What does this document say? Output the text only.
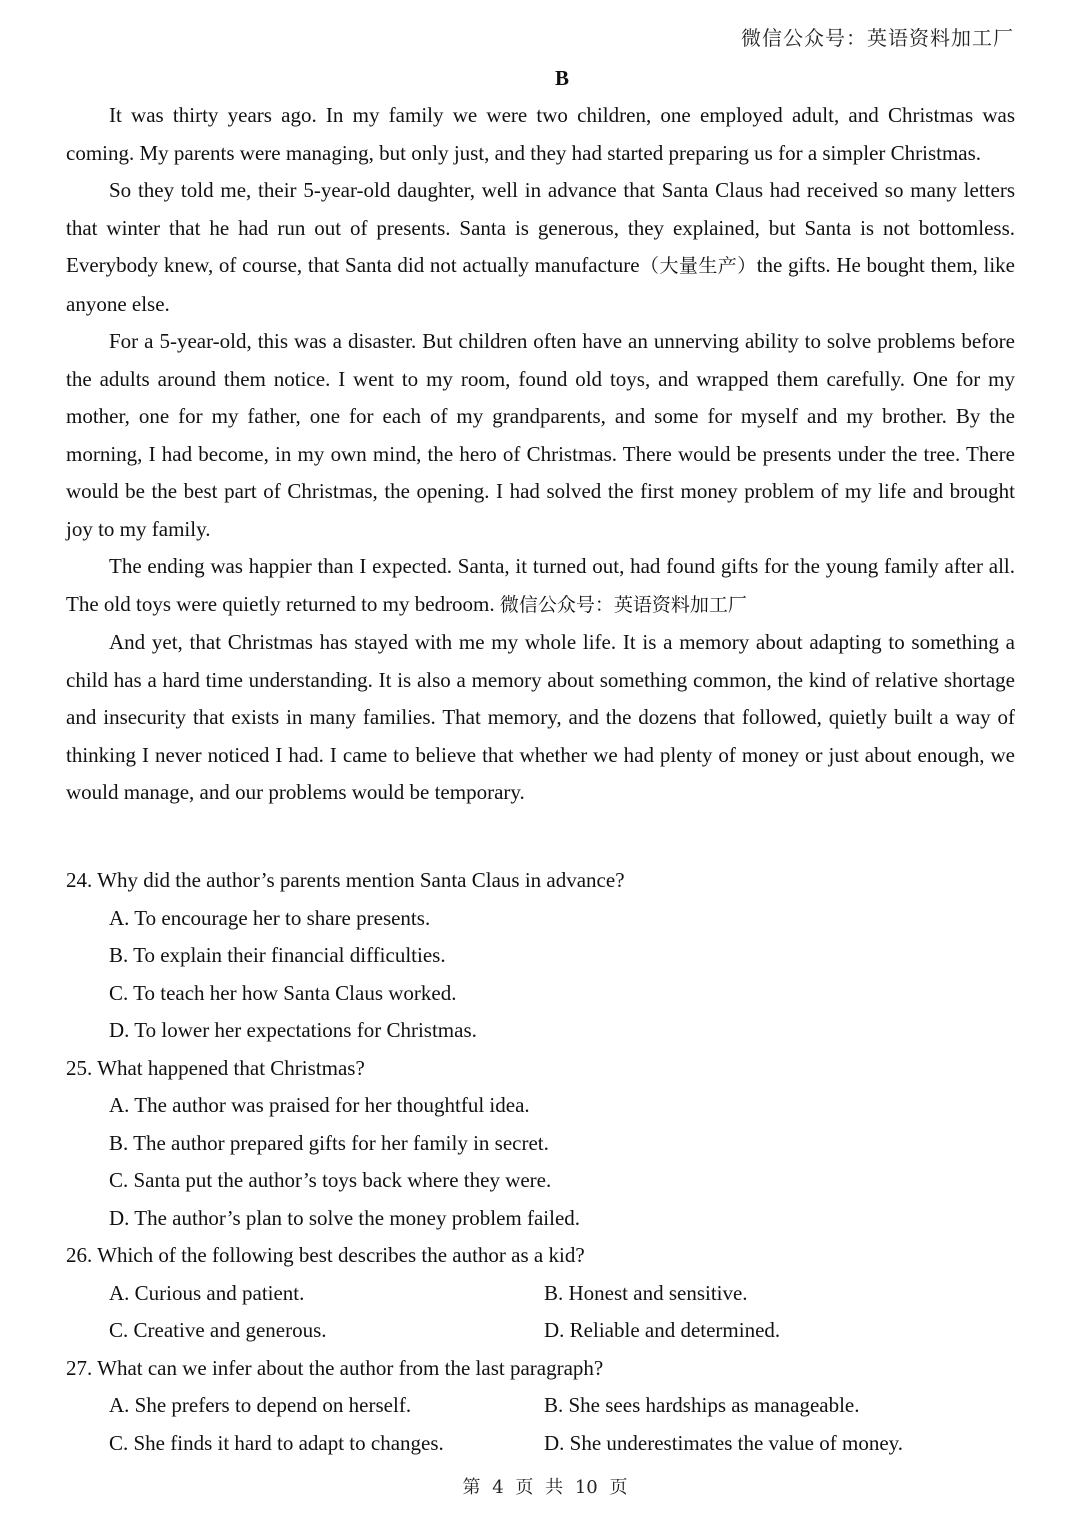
微信公众号：英语资料加工厂
B

It was thirty years ago. In my family we were two children, one employed adult, and Christmas was coming. My parents were managing, but only just, and they had started preparing us for a simpler Christmas.

So they told me, their 5-year-old daughter, well in advance that Santa Claus had received so many letters that winter that he had run out of presents. Santa is generous, they explained, but Santa is not bottomless. Everybody knew, of course, that Santa did not actually manufacture（大量生产）the gifts. He bought them, like anyone else.

For a 5-year-old, this was a disaster. But children often have an unnerving ability to solve problems before the adults around them notice. I went to my room, found old toys, and wrapped them carefully. One for my mother, one for my father, one for each of my grandparents, and some for myself and my brother. By the morning, I had become, in my own mind, the hero of Christmas. There would be presents under the tree. There would be the best part of Christmas, the opening. I had solved the first money problem of my life and brought joy to my family.

The ending was happier than I expected. Santa, it turned out, had found gifts for the young family after all. The old toys were quietly returned to my bedroom. 微信公众号：英语资料加工厂

And yet, that Christmas has stayed with me my whole life. It is a memory about adapting to something a child has a hard time understanding. It is also a memory about something common, the kind of relative shortage and insecurity that exists in many families. That memory, and the dozens that followed, quietly built a way of thinking I never noticed I had. I came to believe that whether we had plenty of money or just about enough, we would manage, and our problems would be temporary.

24. Why did the author’s parents mention Santa Claus in advance?

A. To encourage her to share presents.

B. To explain their financial difficulties.

C. To teach her how Santa Claus worked.

D. To lower her expectations for Christmas.

25. What happened that Christmas?

A. The author was praised for her thoughtful idea.

B. The author prepared gifts for her family in secret.

C. Santa put the author’s toys back where they were.

D. The author’s plan to solve the money problem failed.

26. Which of the following best describes the author as a kid?

A. Curious and patient.	B. Honest and sensitive.

C. Creative and generous.	D. Reliable and determined.

27. What can we infer about the author from the last paragraph?

A. She prefers to depend on herself.	B. She sees hardships as manageable.

C. She finds it hard to adapt to changes.	D. She underestimates the value of money.

第 4 页 共 10 页
